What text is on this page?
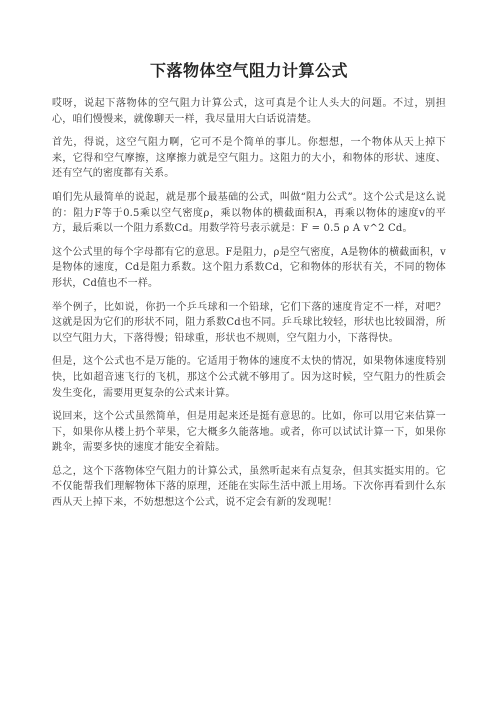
下落物体空气阻力计算公式

哎呀，说起下落物体的空气阻力计算公式，这可真是个让人头大的问题。不过，别担心，咱们慢慢来，就像聊天一样，我尽量用大白话说清楚。

首先，得说，这空气阻力啊，它可不是个简单的事儿。你想想，一个物体从天上掉下来，它得和空气摩擦，这摩擦力就是空气阻力。这阻力的大小，和物体的形状、速度、还有空气的密度都有关系。

咱们先从最简单的说起，就是那个最基础的公式，叫做“阻力公式”。这个公式是这么说的：阻力F等于0.5乘以空气密度ρ，乘以物体的横截面积A，再乘以物体的速度v的平方，最后乘以一个阻力系数Cd。用数学符号表示就是：F = 0.5 ρ A v^2 Cd。

这个公式里的每个字母都有它的意思。F是阻力，ρ是空气密度，A是物体的横截面积，v是物体的速度，Cd是阻力系数。这个阻力系数Cd，它和物体的形状有关，不同的物体形状，Cd值也不一样。

举个例子，比如说，你扔一个乒乓球和一个铅球，它们下落的速度肯定不一样，对吧？这就是因为它们的形状不同，阻力系数Cd也不同。乒乓球比较轻，形状也比较圆滑，所以空气阻力大，下落得慢；铅球重，形状也不规则，空气阻力小，下落得快。

但是，这个公式也不是万能的。它适用于物体的速度不太快的情况，如果物体速度特别快，比如超音速飞行的飞机，那这个公式就不够用了。因为这时候，空气阻力的性质会发生变化，需要用更复杂的公式来计算。

说回来，这个公式虽然简单，但是用起来还是挺有意思的。比如，你可以用它来估算一下，如果你从楼上扔个苹果，它大概多久能落地。或者，你可以试试计算一下，如果你跳伞，需要多快的速度才能安全着陆。

总之，这个下落物体空气阻力的计算公式，虽然听起来有点复杂，但其实挺实用的。它不仅能帮我们理解物体下落的原理，还能在实际生活中派上用场。下次你再看到什么东西从天上掉下来，不妨想想这个公式，说不定会有新的发现呢！
